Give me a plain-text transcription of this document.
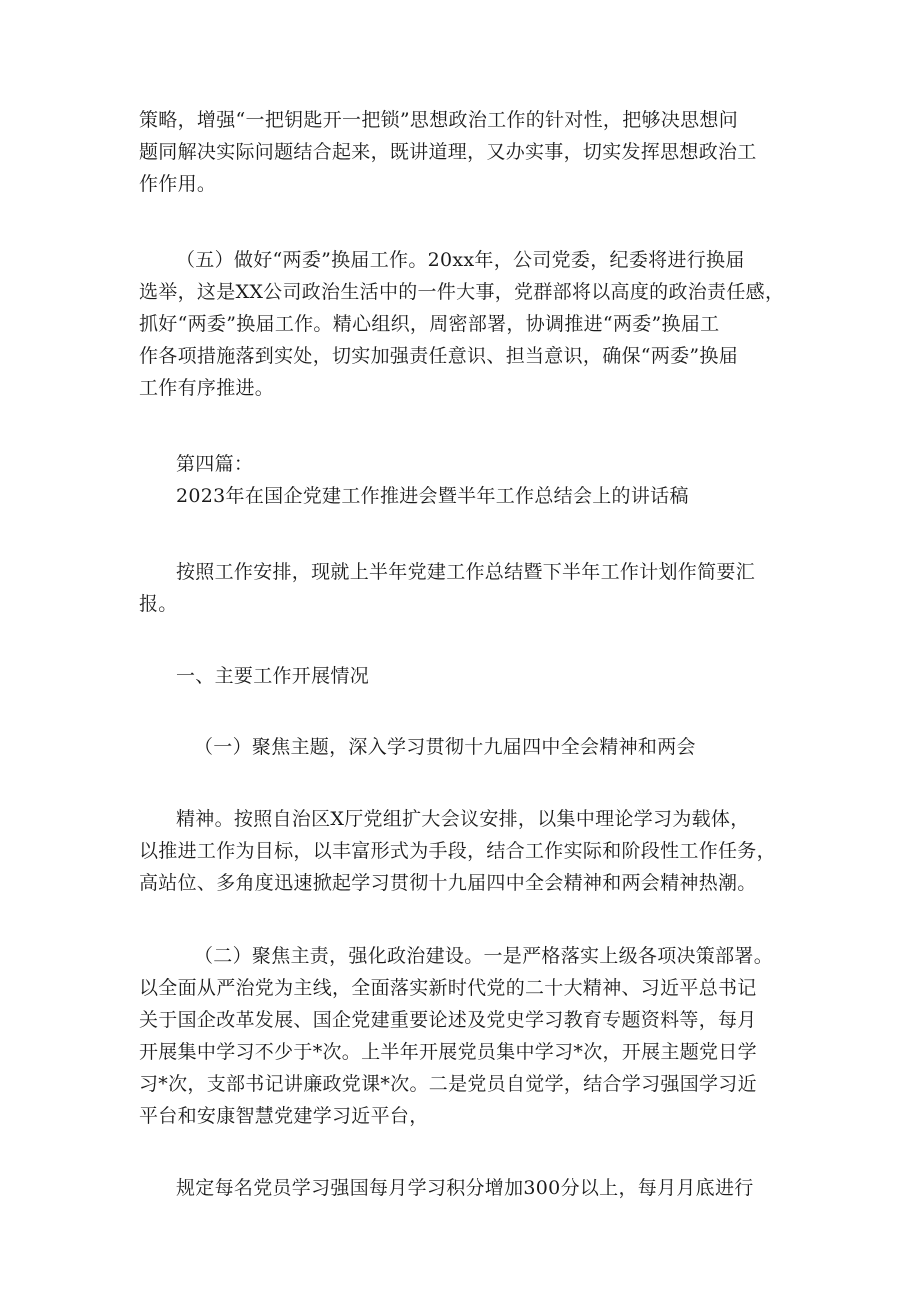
策略，增强“一把钥匙开一把锁”思想政治工作的针对性，把够决思想问
题同解决实际问题结合起来，既讲道理，又办实事，切实发挥思想政治工
作作用。
（五）做好“两委”换届工作。20xx年，公司党委，纪委将进行换届
选举，这是XX公司政治生活中的一件大事，党群部将以高度的政治责任感，
抓好“两委”换届工作。精心组织，周密部署，协调推进“两委”换届工
作各项措施落到实处，切实加强责任意识、担当意识，确保“两委”换届
工作有序推进。
第四篇：
2023年在国企党建工作推进会暨半年工作总结会上的讲话稿
按照工作安排，现就上半年党建工作总结暨下半年工作计划作简要汇
报。
一、主要工作开展情况
（一）聚焦主题，深入学习贯彻十九届四中全会精神和两会
精神。按照自治区X厅党组扩大会议安排，以集中理论学习为载体，
以推进工作为目标，以丰富形式为手段，结合工作实际和阶段性工作任务，
高站位、多角度迅速掀起学习贯彻十九届四中全会精神和两会精神热潮。
（二）聚焦主责，强化政治建设。一是严格落实上级各项决策部署。
以全面从严治党为主线，全面落实新时代党的二十大精神、习近平总书记
关于国企改革发展、国企党建重要论述及党史学习教育专题资料等，每月
开展集中学习不少于*次。上半年开展党员集中学习*次，开展主题党日学
习*次，支部书记讲廉政党课*次。二是党员自觉学，结合学习强国学习近
平台和安康智慧党建学习近平台，
规定每名党员学习强国每月学习积分增加300分以上，每月月底进行
